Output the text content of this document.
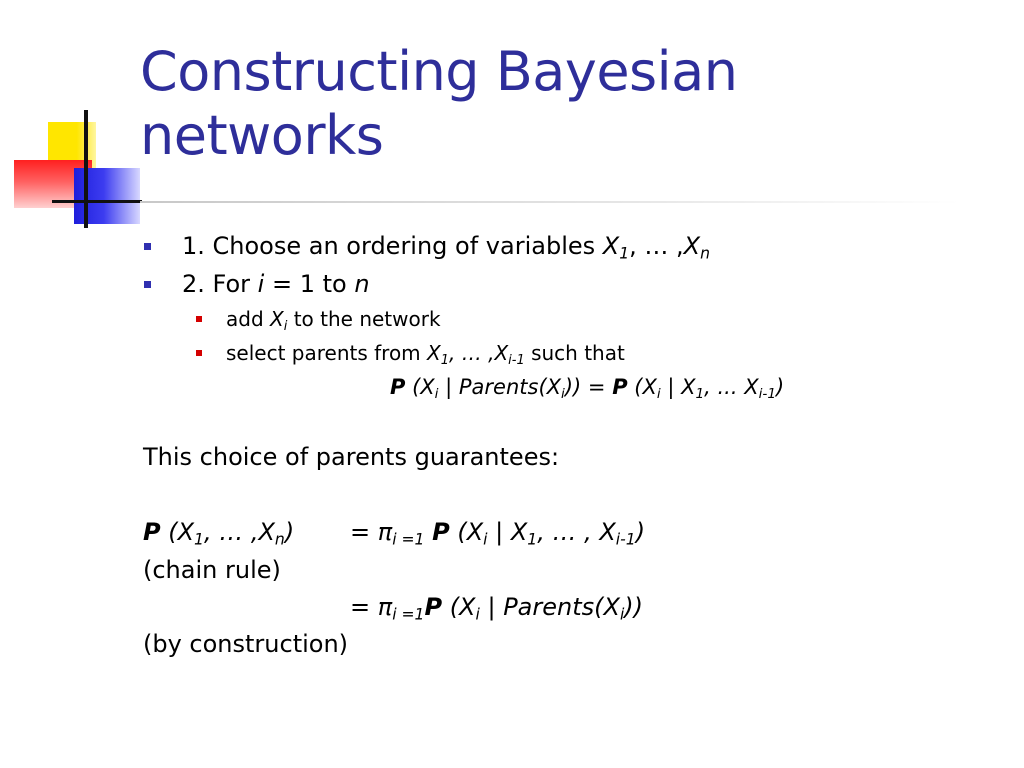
Constructing Bayesian
networks
1. Choose an ordering of variables $X_1$, … $,X_n$
2. For i = 1 to n
add $X_i$ to the network
select parents from $X_1$, … $,X_{i-1}$ such that
P ($X_i$ | $Parents(X_i)) = P$ ($X_i$ | $X_1$, ... $X_{i-1}$)
This choice of parents guarantees:
P ($X_1$, … $,X_n) = \pi_{i =1}$ P ($X_i$ | $X_1$, … , $X_{i-1}$)
(chain rule)
= $\pi_{i =1}P$ ($X_i$ | $Parents(X_i)$)
(by construction)
